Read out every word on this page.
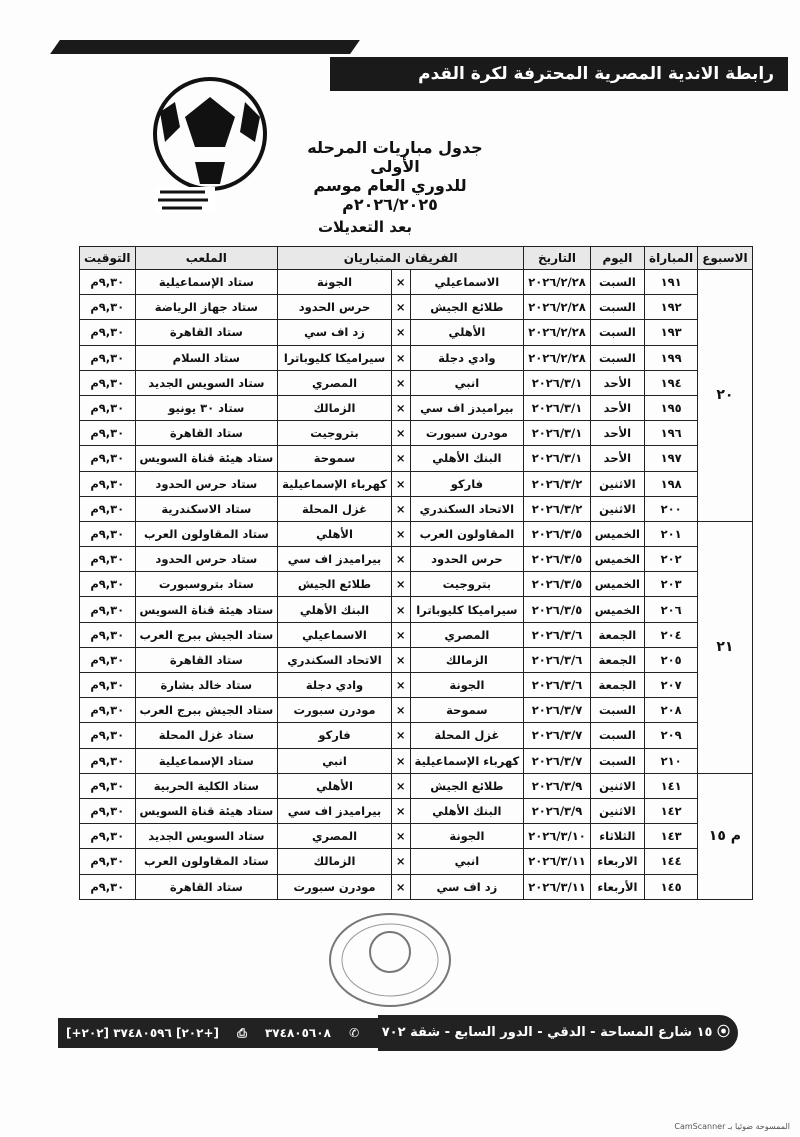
رابطة الاندية المصرية المحترفة لكرة القدم
جدول مباريات المرحله الأولى
للدوري العام موسم ٢٠٢٦/٢٠٢٥م
بعد التعديلات
الاسبوع	المباراة	اليوم	التاريخ	الفريقان المتباريان			الملعب	التوقيت
٢٠	١٩١	السبت	٢٠٢٦/٢/٢٨	الاسماعيلي	×	الجونة	ستاد الإسماعيلية	٩,٣٠م
	١٩٢	السبت	٢٠٢٦/٢/٢٨	طلائع الجيش	×	حرس الحدود	ستاد جهاز الرياضة	٩,٣٠م
	١٩٣	السبت	٢٠٢٦/٢/٢٨	الأهلي	×	زد اف سي	ستاد القاهرة	٩,٣٠م
	١٩٩	السبت	٢٠٢٦/٢/٢٨	وادي دجلة	×	سيراميكا كليوباترا	ستاد السلام	٩,٣٠م
	١٩٤	الأحد	٢٠٢٦/٣/١	انبي	×	المصري	ستاد السويس الجديد	٩,٣٠م
	١٩٥	الأحد	٢٠٢٦/٣/١	بيراميدز اف سي	×	الزمالك	ستاد ٣٠ يونيو	٩,٣٠م
	١٩٦	الأحد	٢٠٢٦/٣/١	مودرن سبورت	×	بتروجيت	ستاد القاهرة	٩,٣٠م
	١٩٧	الأحد	٢٠٢٦/٣/١	البنك الأهلي	×	سموحة	ستاد هيئة قناة السويس	٩,٣٠م
	١٩٨	الاثنين	٢٠٢٦/٣/٢	فاركو	×	كهرباء الإسماعيلية	ستاد حرس الحدود	٩,٣٠م
	٢٠٠	الاثنين	٢٠٢٦/٣/٢	الاتحاد السكندري	×	غزل المحلة	ستاد الاسكندرية	٩,٣٠م
٢١	٢٠١	الخميس	٢٠٢٦/٣/٥	المقاولون العرب	×	الأهلي	ستاد المقاولون العرب	٩,٣٠م
	٢٠٢	الخميس	٢٠٢٦/٣/٥	حرس الحدود	×	بيراميدز اف سي	ستاد حرس الحدود	٩,٣٠م
	٢٠٣	الخميس	٢٠٢٦/٣/٥	بتروجيت	×	طلائع الجيش	ستاد بتروسبورت	٩,٣٠م
	٢٠٦	الخميس	٢٠٢٦/٣/٥	سيراميكا كليوباترا	×	البنك الأهلي	ستاد هيئة قناة السويس	٩,٣٠م
	٢٠٤	الجمعة	٢٠٢٦/٣/٦	المصري	×	الاسماعيلي	ستاد الجيش ببرج العرب	٩,٣٠م
	٢٠٥	الجمعة	٢٠٢٦/٣/٦	الزمالك	×	الاتحاد السكندري	ستاد القاهرة	٩,٣٠م
	٢٠٧	الجمعة	٢٠٢٦/٣/٦	الجونة	×	وادي دجلة	ستاد خالد بشارة	٩,٣٠م
	٢٠٨	السبت	٢٠٢٦/٣/٧	سموحة	×	مودرن سبورت	ستاد الجيش ببرج العرب	٩,٣٠م
	٢٠٩	السبت	٢٠٢٦/٣/٧	غزل المحلة	×	فاركو	ستاد غزل المحلة	٩,٣٠م
	٢١٠	السبت	٢٠٢٦/٣/٧	كهرباء الإسماعيلية	×	انبي	ستاد الإسماعيلية	٩,٣٠م
م ١٥	١٤١	الاثنين	٢٠٢٦/٣/٩	طلائع الجيش	×	الأهلي	ستاد الكلية الحربية	٩,٣٠م
	١٤٢	الاثنين	٢٠٢٦/٣/٩	البنك الأهلي	×	بيراميدز اف سي	ستاد هيئة قناة السويس	٩,٣٠م
	١٤٣	الثلاثاء	٢٠٢٦/٣/١٠	الجونة	×	المصري	ستاد السويس الجديد	٩,٣٠م
	١٤٤	الاربعاء	٢٠٢٦/٣/١١	انبي	×	الزمالك	ستاد المقاولون العرب	٩,٣٠م
	١٤٥	الأربعاء	٢٠٢٦/٣/١١	زد اف سي	×	مودرن سبورت	ستاد القاهرة	٩,٣٠م
[+٢٠٢] ٣٧٤٨٠٥٦٠٨ ⎙ [+٢٠٢] ٣٧٤٨٠٥٩٦	✆	⦿ ١٥ شارع المساحة - الدقي - الدور السابع - شقة ٧٠٢
الممسوحة ضوئيا بـ CamScanner
